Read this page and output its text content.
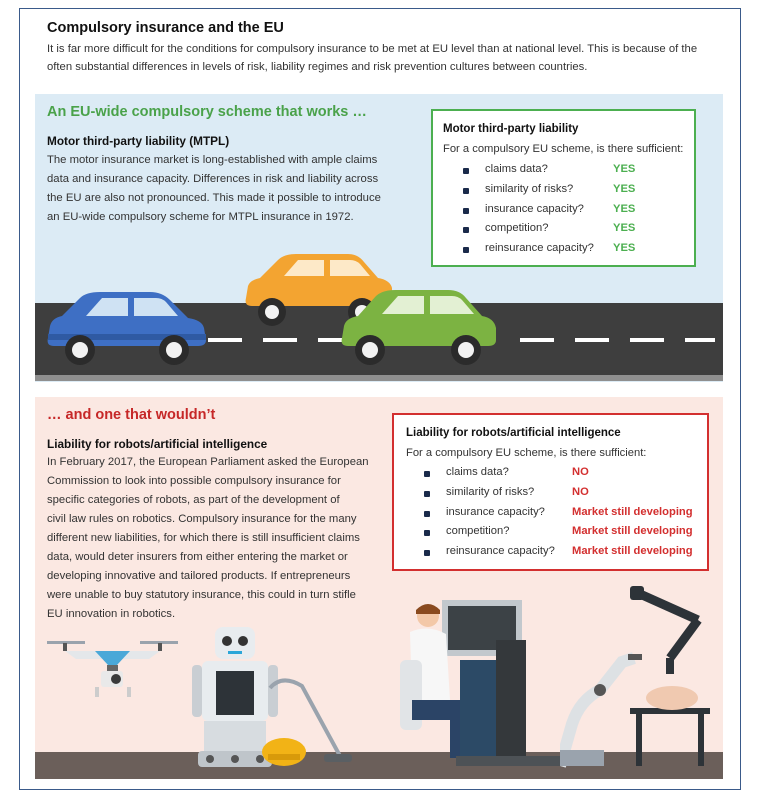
Compulsory insurance and the EU
It is far more difficult for the conditions for compulsory insurance to be met at EU level than at national level. This is because of the often substantial differences in levels of risk, liability regimes and risk prevention cultures between countries.
An EU-wide compulsory scheme that works …
Motor third-party liability (MTPL)
The motor insurance market is long-established with ample claims
data and insurance capacity. Differences in risk and liability across
the EU are also not pronounced. This made it possible to introduce
an EU-wide compulsory scheme for MTPL insurance in 1972.
Motor third-party liability
For a compulsory EU scheme, is there sufficient:
claims data?	YES
similarity of risks?	YES
insurance capacity?	YES
competition?	YES
reinsurance capacity? YES
… and one that wouldn’t
Liability for robots/artificial intelligence
In February 2017, the European Parliament asked the European
Commission to look into possible compulsory insurance for
specific categories of robots, as part of the development of
civil law rules on robotics. Compulsory insurance for the many
different new liabilities, for which there is still insufficient claims
data, would deter insurers from either entering the market or
developing innovative and tailored products. If entrepreneurs
were unable to buy statutory insurance, this could in turn stifle
EU innovation in robotics.
Liability for robots/artificial intelligence
For a compulsory EU scheme, is there sufficient:
claims data?	NO
similarity of risks?	NO
insurance capacity? Market still developing
competition?	Market still developing
reinsurance capacity? Market still developing
